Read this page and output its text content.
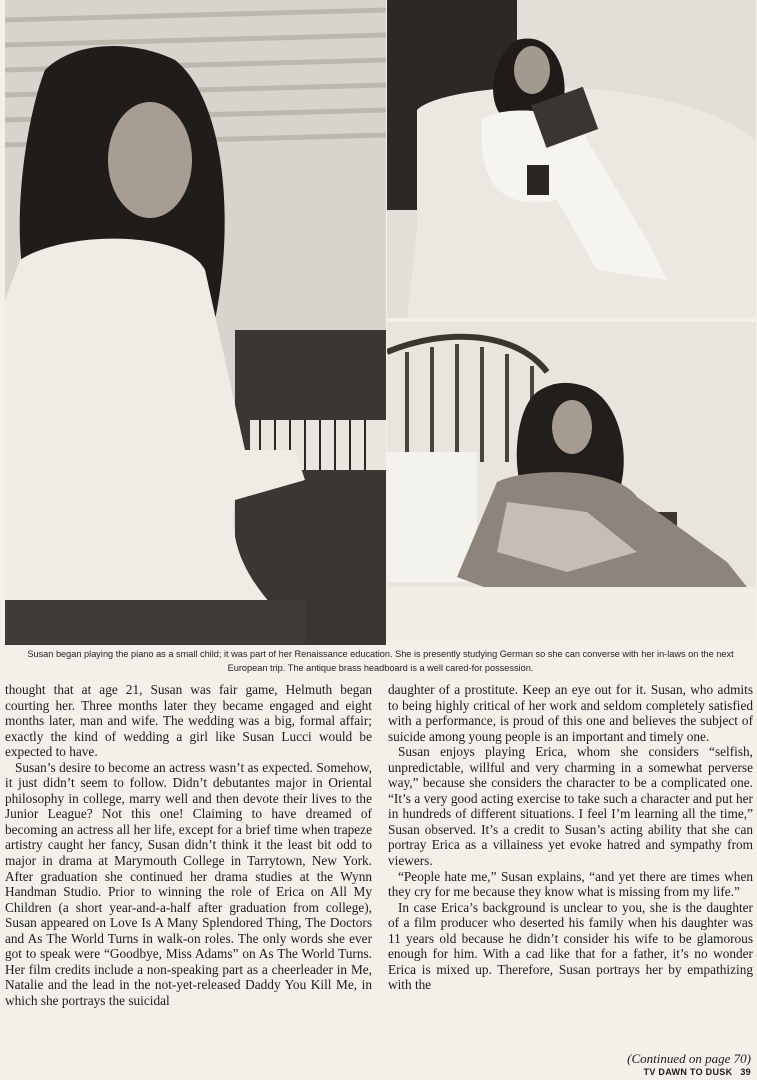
Susan began playing the piano as a small child; it was part of her Renaissance education. She is presently studying German so she can converse with her in-laws on the next European trip. The antique brass headboard is a well cared-for possession.

thought that at age 21, Susan was fair game, Helmuth began courting her. Three months later they became engaged and eight months later, man and wife. The wedding was a big, formal affair; exactly the kind of wedding a girl like Susan Lucci would be expected to have.

Susan’s desire to become an actress wasn’t as expected. Somehow, it just didn’t seem to follow. Didn’t debutantes major in Oriental philosophy in college, marry well and then devote their lives to the Junior League? Not this one! Claiming to have dreamed of becoming an actress all her life, except for a brief time when trapeze artistry caught her fancy, Susan didn’t think it the least bit odd to major in drama at Marymouth College in Tarrytown, New York. After graduation she continued her drama studies at the Wynn Handman Studio. Prior to winning the role of Erica on All My Children (a short year-and-a-half after graduation from college), Susan appeared on Love Is A Many Splendored Thing, The Doctors and As The World Turns in walk-on roles. The only words she ever got to speak were “Goodbye, Miss Adams” on As The World Turns. Her film credits include a non-speaking part as a cheerleader in Me, Natalie and the lead in the not-yet-released Daddy You Kill Me, in which she portrays the suicidal

daughter of a prostitute. Keep an eye out for it. Susan, who admits to being highly critical of her work and seldom completely satisfied with a performance, is proud of this one and believes the subject of suicide among young people is an important and timely one.

Susan enjoys playing Erica, whom she considers “selfish, unpredictable, willful and very charming in a somewhat perverse way,” because she considers the character to be a complicated one. “It’s a very good acting exercise to take such a character and put her in hundreds of different situations. I feel I’m learning all the time,” Susan observed. It’s a credit to Susan’s acting ability that she can portray Erica as a villainess yet evoke hatred and sympathy from viewers.

“People hate me,” Susan explains, “and yet there are times when they cry for me because they know what is missing from my life.”

In case Erica’s background is unclear to you, she is the daughter of a film producer who deserted his family when his daughter was 11 years old because he didn’t consider his wife to be glamorous enough for him. With a cad like that for a father, it’s no wonder Erica is mixed up. Therefore, Susan portrays her by empathizing with the

(Continued on page 70)
TV DAWN TO DUSK 39
